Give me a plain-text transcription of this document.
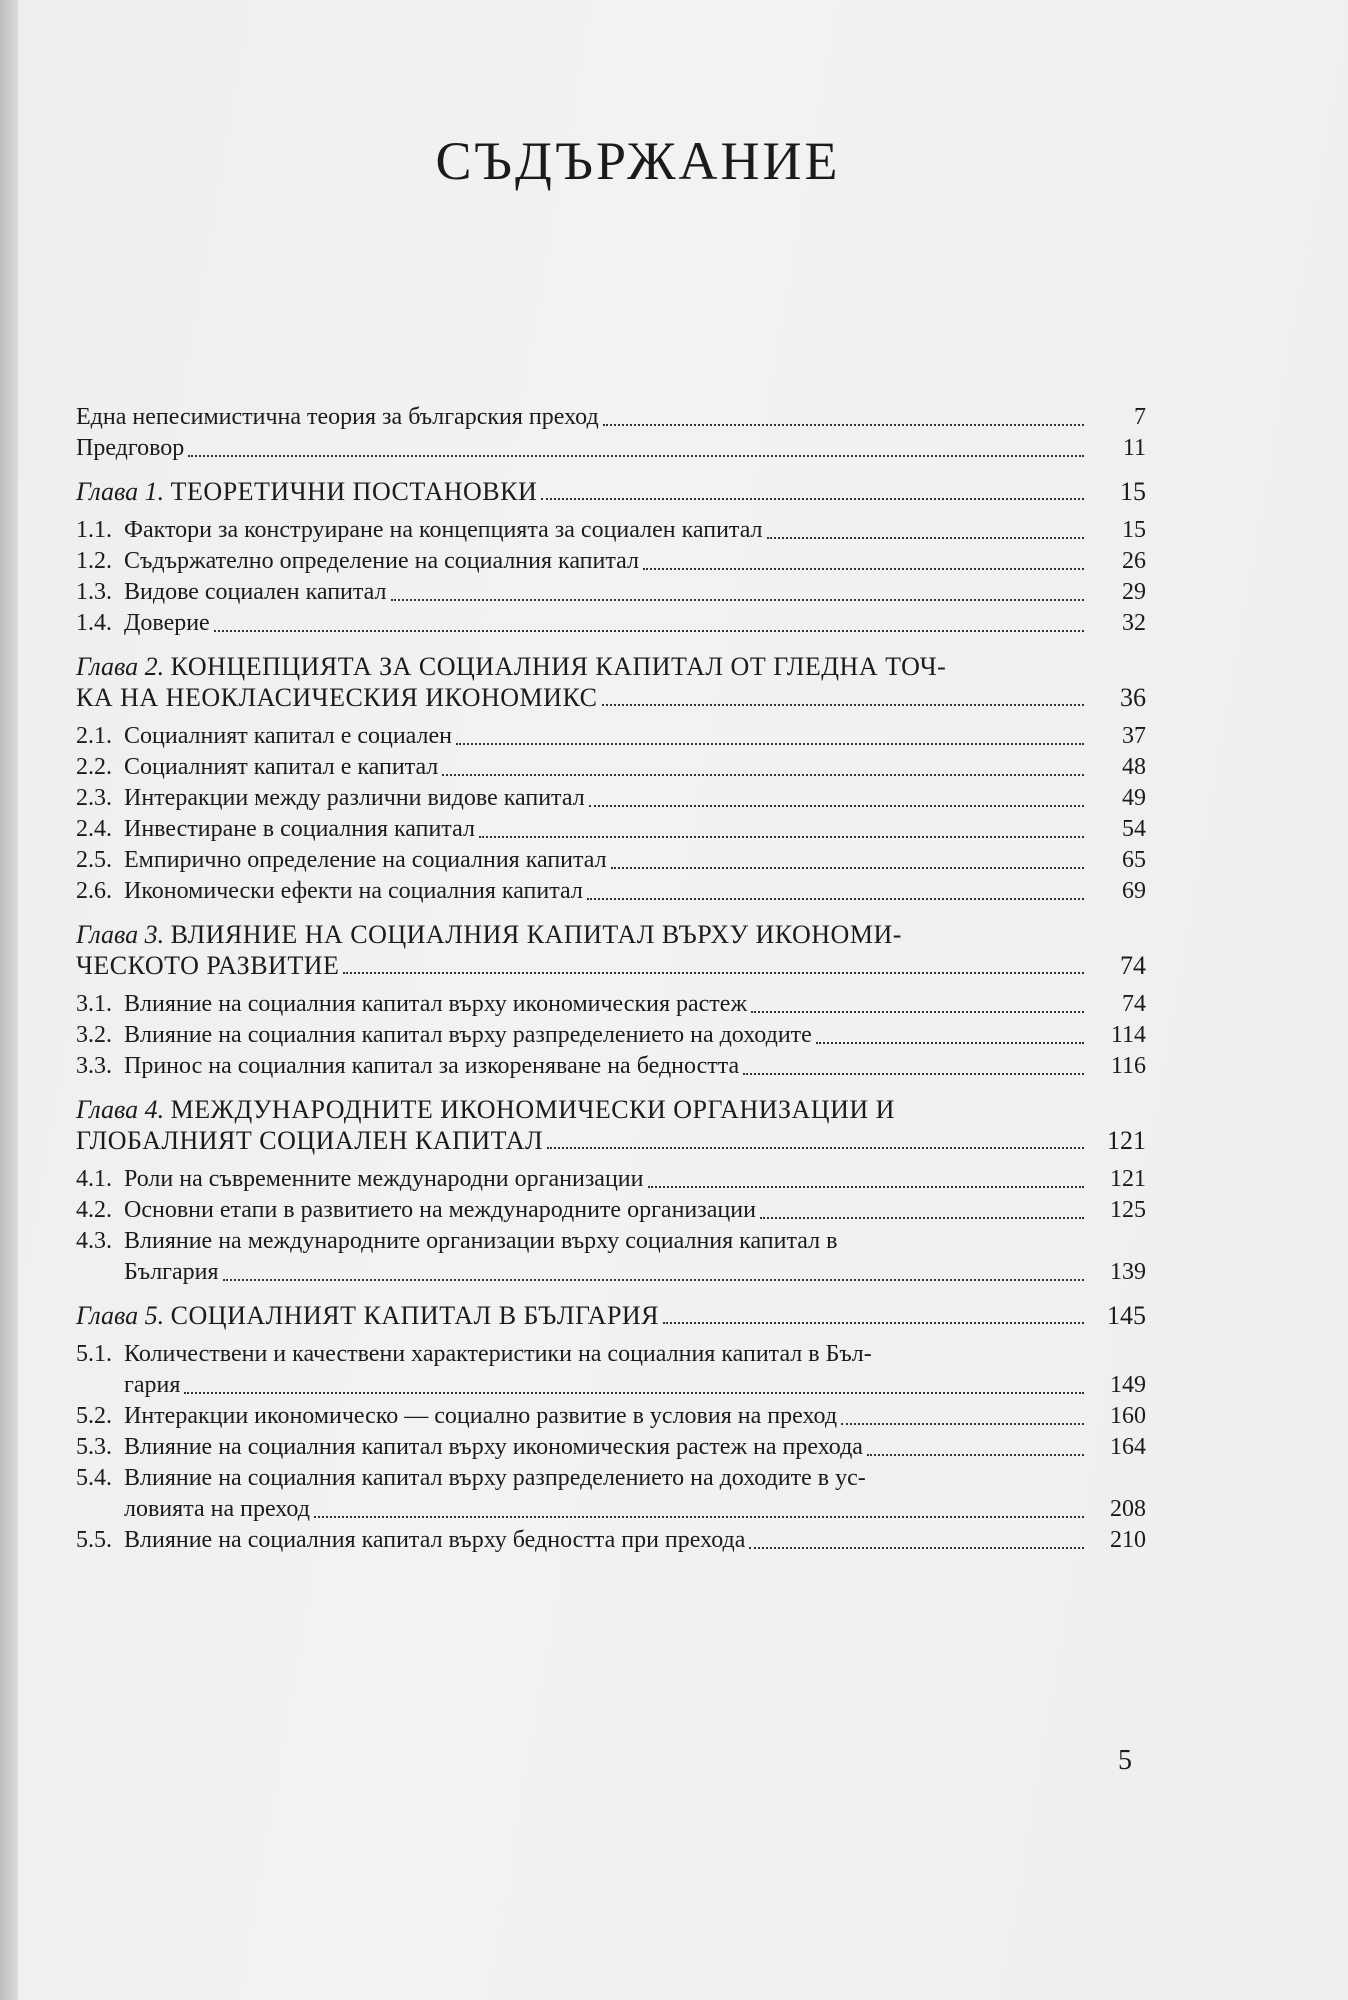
СЪДЪРЖАНИЕ
Една непесимистична теория за българския преход	7
Предговор	11
Глава 1. ТЕОРЕТИЧНИ ПОСТАНОВКИ	15
1.1. Фактори за конструиране на концепцията за социален капитал	15
1.2. Съдържателно определение на социалния капитал	26
1.3. Видове социален капитал	29
1.4. Доверие	32
Глава 2. КОНЦЕПЦИЯТА ЗА СОЦИАЛНИЯ КАПИТАЛ ОТ ГЛЕДНА ТОЧ-
КА НА НЕОКЛАСИЧЕСКИЯ ИКОНОМИКС	36
2.1. Социалният капитал е социален	37
2.2. Социалният капитал е капитал	48
2.3. Интеракции между различни видове капитал	49
2.4. Инвестиране в социалния капитал	54
2.5. Емпирично определение на социалния капитал	65
2.6. Икономически ефекти на социалния капитал	69
Глава 3. ВЛИЯНИЕ НА СОЦИАЛНИЯ КАПИТАЛ ВЪРХУ ИКОНОМИ-
ЧЕСКОТО РАЗВИТИЕ	74
3.1. Влияние на социалния капитал върху икономическия растеж	74
3.2. Влияние на социалния капитал върху разпределението на доходите	114
3.3. Принос на социалния капитал за изкореняване на бедността	116
Глава 4. МЕЖДУНАРОДНИТЕ ИКОНОМИЧЕСКИ ОРГАНИЗАЦИИ И
ГЛОБАЛНИЯТ СОЦИАЛЕН КАПИТАЛ	121
4.1. Роли на съвременните международни организации	121
4.2. Основни етапи в развитието на международните организации	125
4.3. Влияние на международните организации върху социалния капитал в
България	139
Глава 5. СОЦИАЛНИЯТ КАПИТАЛ В БЪЛГАРИЯ	145
5.1. Количествени и качествени характеристики на социалния капитал в Бъл-
гария	149
5.2. Интеракции икономическо — социално развитие в условия на преход	160
5.3. Влияние на социалния капитал върху икономическия растеж на прехода	164
5.4. Влияние на социалния капитал върху разпределението на доходите в ус-
ловията на преход	208
5.5. Влияние на социалния капитал върху бедността при прехода	210
5
